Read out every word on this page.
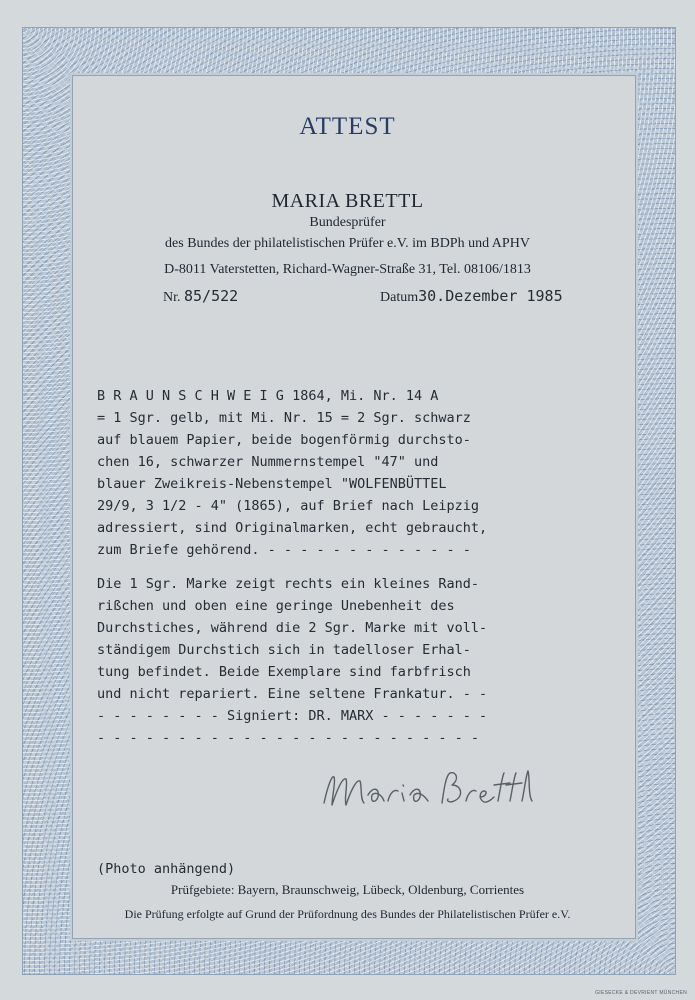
ATTEST
MARIA BRETTL
Bundesprüfer
des Bundes der philatelistischen Prüfer e.V. im BDPh und APHV
D-8011 Vaterstetten, Richard-Wagner-Straße 31, Tel. 08106/1813
Nr. 85/522	Datum30.Dezember 1985
B R A U N S C H W E I G 1864, Mi. Nr. 14 A
= 1 Sgr. gelb, mit Mi. Nr. 15 = 2 Sgr. schwarz
auf blauem Papier, beide bogenförmig durchsto-
chen 16, schwarzer Nummernstempel "47" und
blauer Zweikreis-Nebenstempel "WOLFENBÜTTEL
29/9, 3 1/2 - 4" (1865), auf Brief nach Leipzig
adressiert, sind Originalmarken, echt gebraucht,
zum Briefe gehörend. - - - - - - - - - - - - -
Die 1 Sgr. Marke zeigt rechts ein kleines Rand-
rißchen und oben eine geringe Unebenheit des
Durchstiches, während die 2 Sgr. Marke mit voll-
ständigem Durchstich sich in tadelloser Erhal-
tung befindet. Beide Exemplare sind farbfrisch
und nicht repariert. Eine seltene Frankatur. - -
- - - - - - - - Signiert: DR. MARX - - - - - - -
- - - - - - - - - - - - - - - - - - - - - - - -
(Photo anhängend)
Prüfgebiete: Bayern, Braunschweig, Lübeck, Oldenburg, Corrientes
Die Prüfung erfolgte auf Grund der Prüfordnung des Bundes der Philatelistischen Prüfer e.V.
GIESECKE & DEVRIENT MÜNCHEN
